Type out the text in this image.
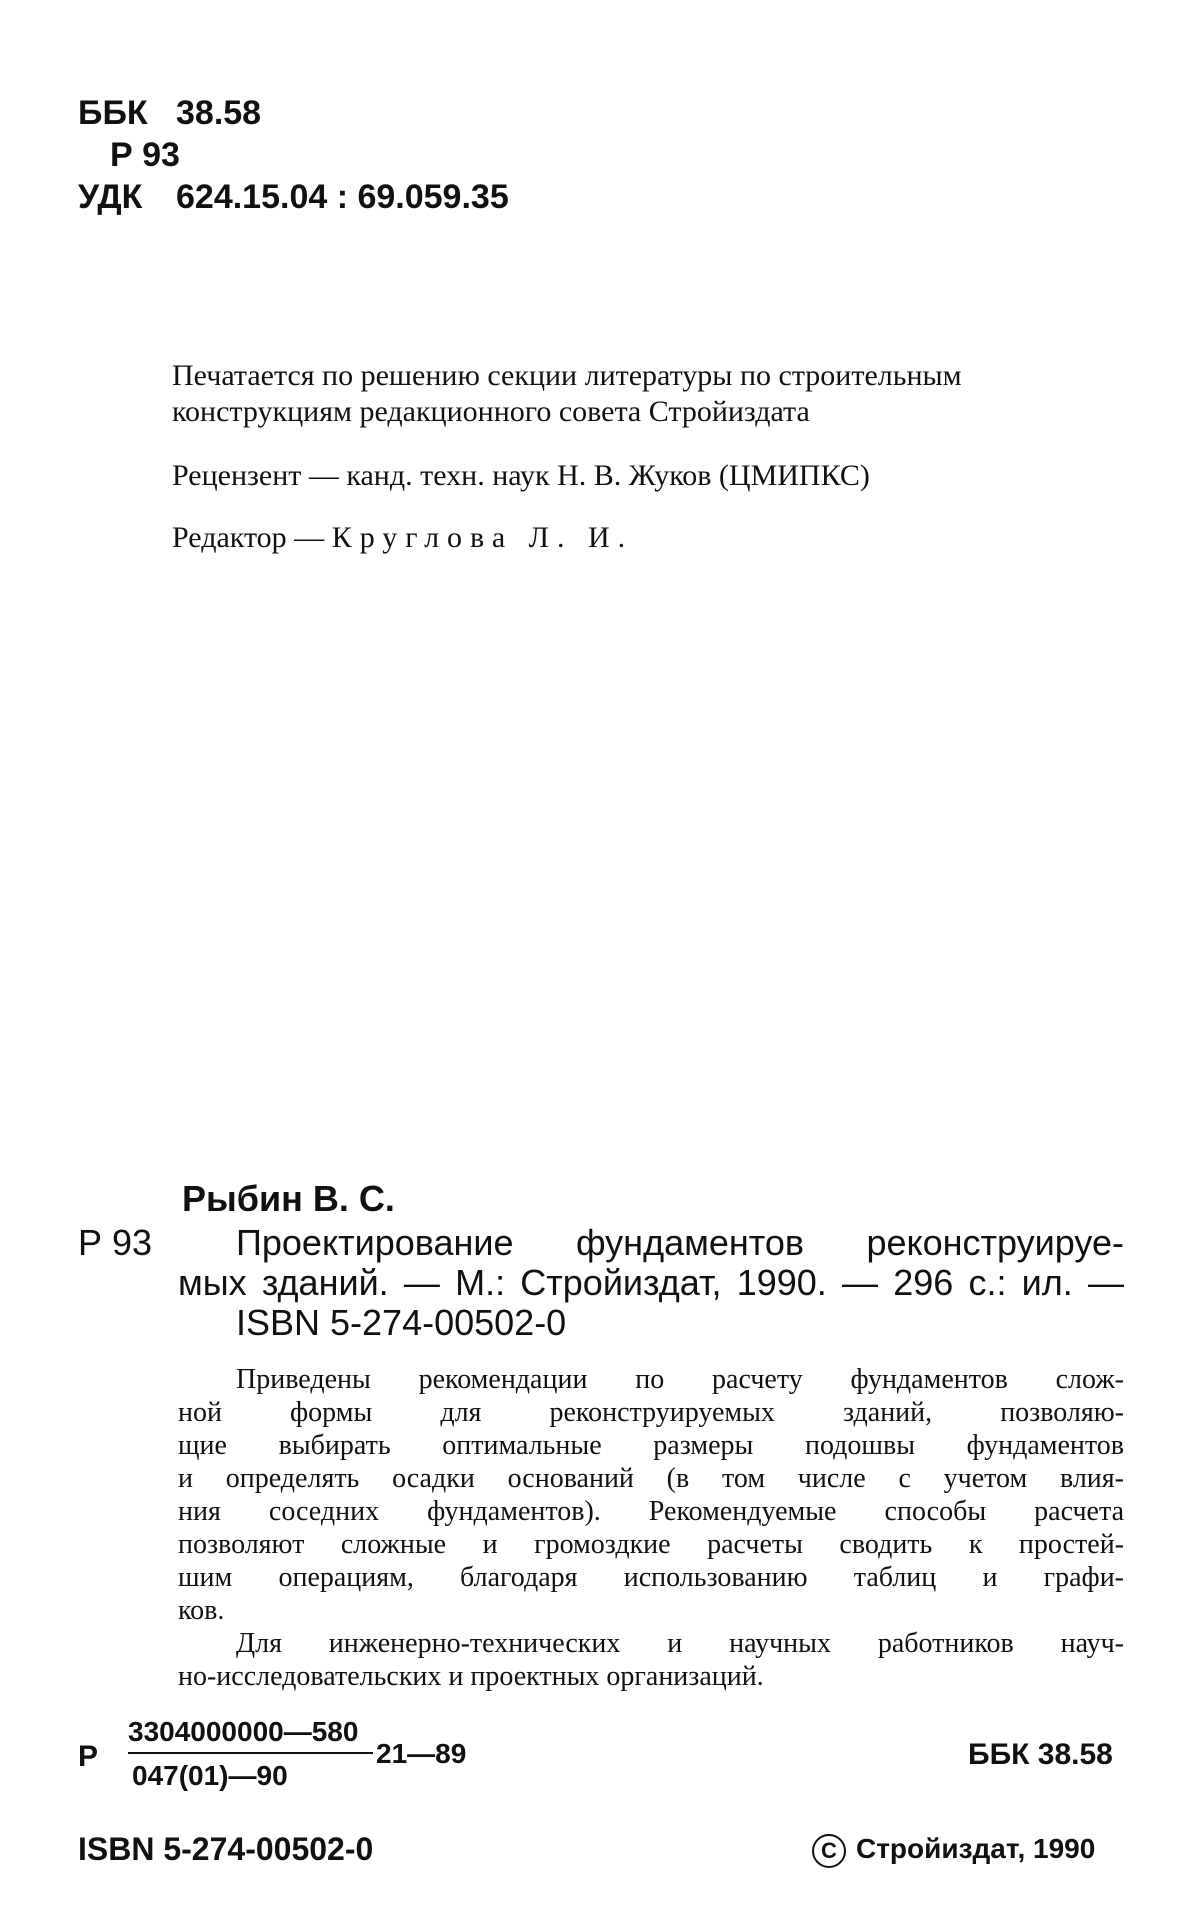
ББК 38.58
Р 93
УДК 624.15.04 : 69.059.35
Печатается по решению секции литературы по строительным
конструкциям редакционного совета Стройиздата
Рецензент — канд. техн. наук Н. В. Жуков (ЦМИПКС)
Редактор — Круглова Л. И.
Рыбин В. С.
Р 93 Проектирование фундаментов реконструируе-
мых зданий. — М.: Стройиздат, 1990. — 296 с.: ил. —
ISBN 5-274-00502-0
Приведены рекомендации по расчету фундаментов слож-
ной формы для реконструируемых зданий, позволяю-
щие выбирать оптимальные размеры подошвы фундаментов
и определять осадки оснований (в том числе с учетом влия-
ния соседних фундаментов). Рекомендуемые способы расчета
позволяют сложные и громоздкие расчеты сводить к простей-
шим операциям, благодаря использованию таблиц и графи-
ков.
Для инженерно-технических и научных работников науч-
но-исследовательских и проектных организаций.
Р
3304000000—580
047(01)—90
21—89	ББК 38.58
ISBN 5-274-00502-0	C Стройиздат, 1990
